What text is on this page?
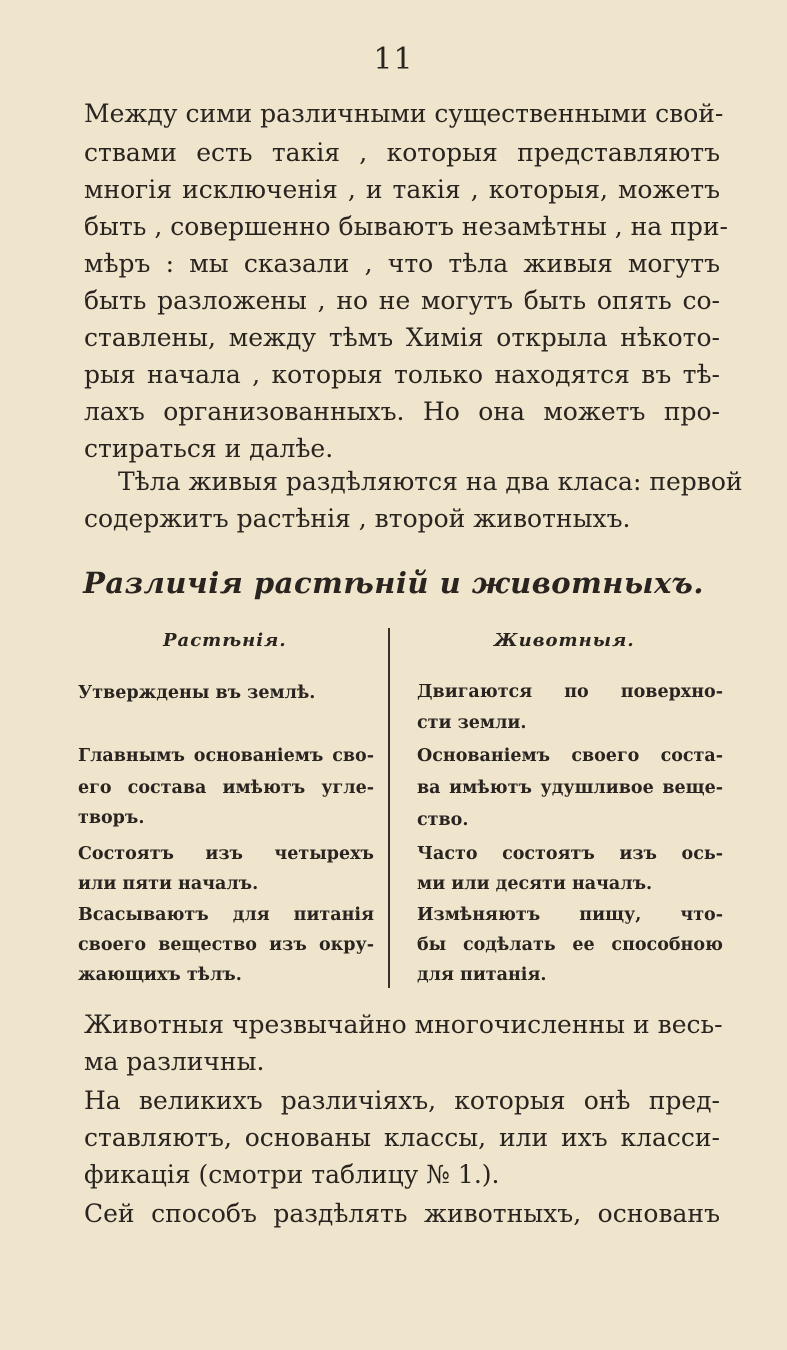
11
Между сими различными существенными свой-
ствами есть такія , которыя представляютъ
многія исключенія , и такія , которыя, можетъ
быть , совершенно бываютъ незамѣтны , на при-
мѣръ : мы сказали , что тѣла живыя могутъ
быть разложены , но не могутъ быть опять со-
ставлены, между тѣмъ Химія открыла нѣкото-
рыя начала , которыя только находятся въ тѣ-
лахъ организованныхъ. Но она можетъ про-
стираться и далѣе.
Тѣла живыя раздѣляются на два класа: первой
содержитъ растѣнія , второй животныхъ.
Различія растѣній и животныхъ.
Растѣнія.	Животныя.
Утверждены въ землѣ.
Главнымъ основаніемъ сво-
его состава имѣютъ угле-
творъ.
Состоятъ изъ четырехъ
или пяти началъ.
Всасываютъ для питанія
своего вещество изъ окру-
жающихъ тѣлъ.
Двигаются по поверхно-
сти земли.
Основаніемъ своего соста-
ва имѣютъ удушливое веще-
ство.
Часто состоятъ изъ ось-
ми или десяти началъ.
Измѣняютъ пищу, что-
бы содѣлать ее способною
для питанія.
Животныя чрезвычайно многочисленны и весь-
ма различны.
На великихъ различіяхъ, которыя онѣ пред-
ставляютъ, основаны классы, или ихъ класси-
фикація (смотри таблицу № 1.).
Сей способъ раздѣлять животныхъ, основанъ
